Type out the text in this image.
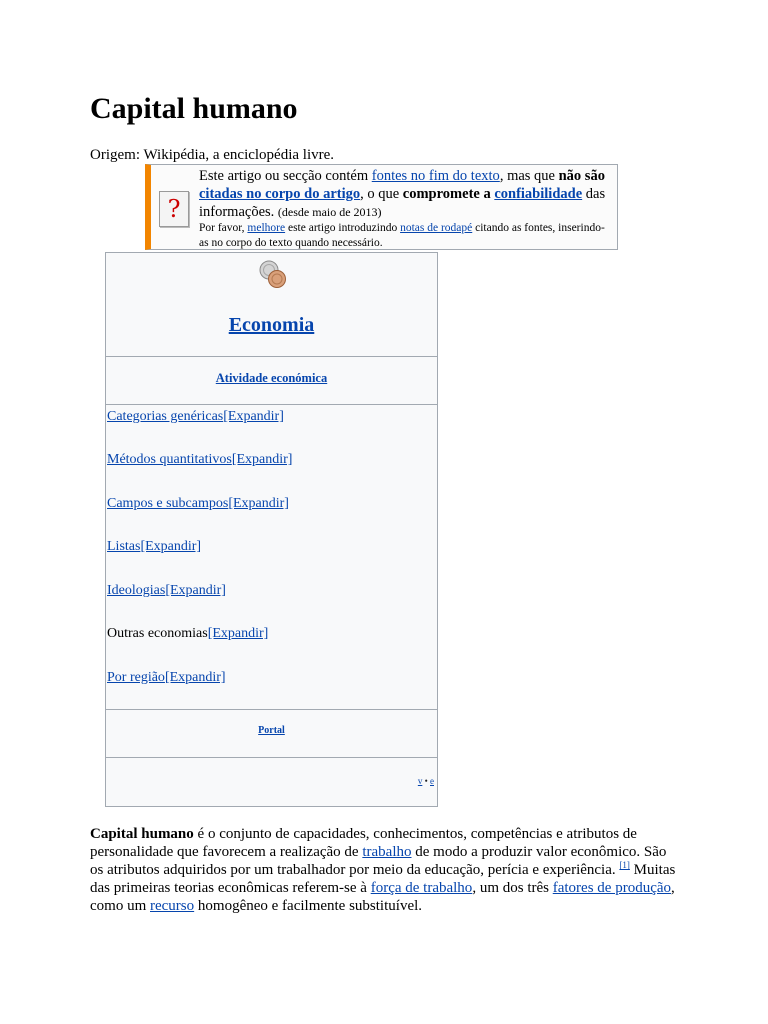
Capital humano
Origem: Wikipédia, a enciclopédia livre.
?
Este artigo ou secção contém fontes no fim do texto, mas que não são citadas no corpo do artigo, o que compromete a confiabilidade das informações. (desde maio de 2013)
Por favor, melhore este artigo introduzindo notas de rodapé citando as fontes, inserindo-as no corpo do texto quando necessário.
Economia
Atividade económica
Categorias genéricas[Expandir]
Métodos quantitativos[Expandir]
Campos e subcampos[Expandir]
Listas[Expandir]
Ideologias[Expandir]
Outras economias[Expandir]
Por região[Expandir]
Portal
v • e
Capital humano é o conjunto de capacidades, conhecimentos, competências e atributos de personalidade que favorecem a realização de trabalho de modo a produzir valor econômico. São os atributos adquiridos por um trabalhador por meio da educação, perícia e experiência. [1] Muitas das primeiras teorias econômicas referem-se à força de trabalho, um dos três fatores de produção, como um recurso homogêneo e facilmente substituível.
